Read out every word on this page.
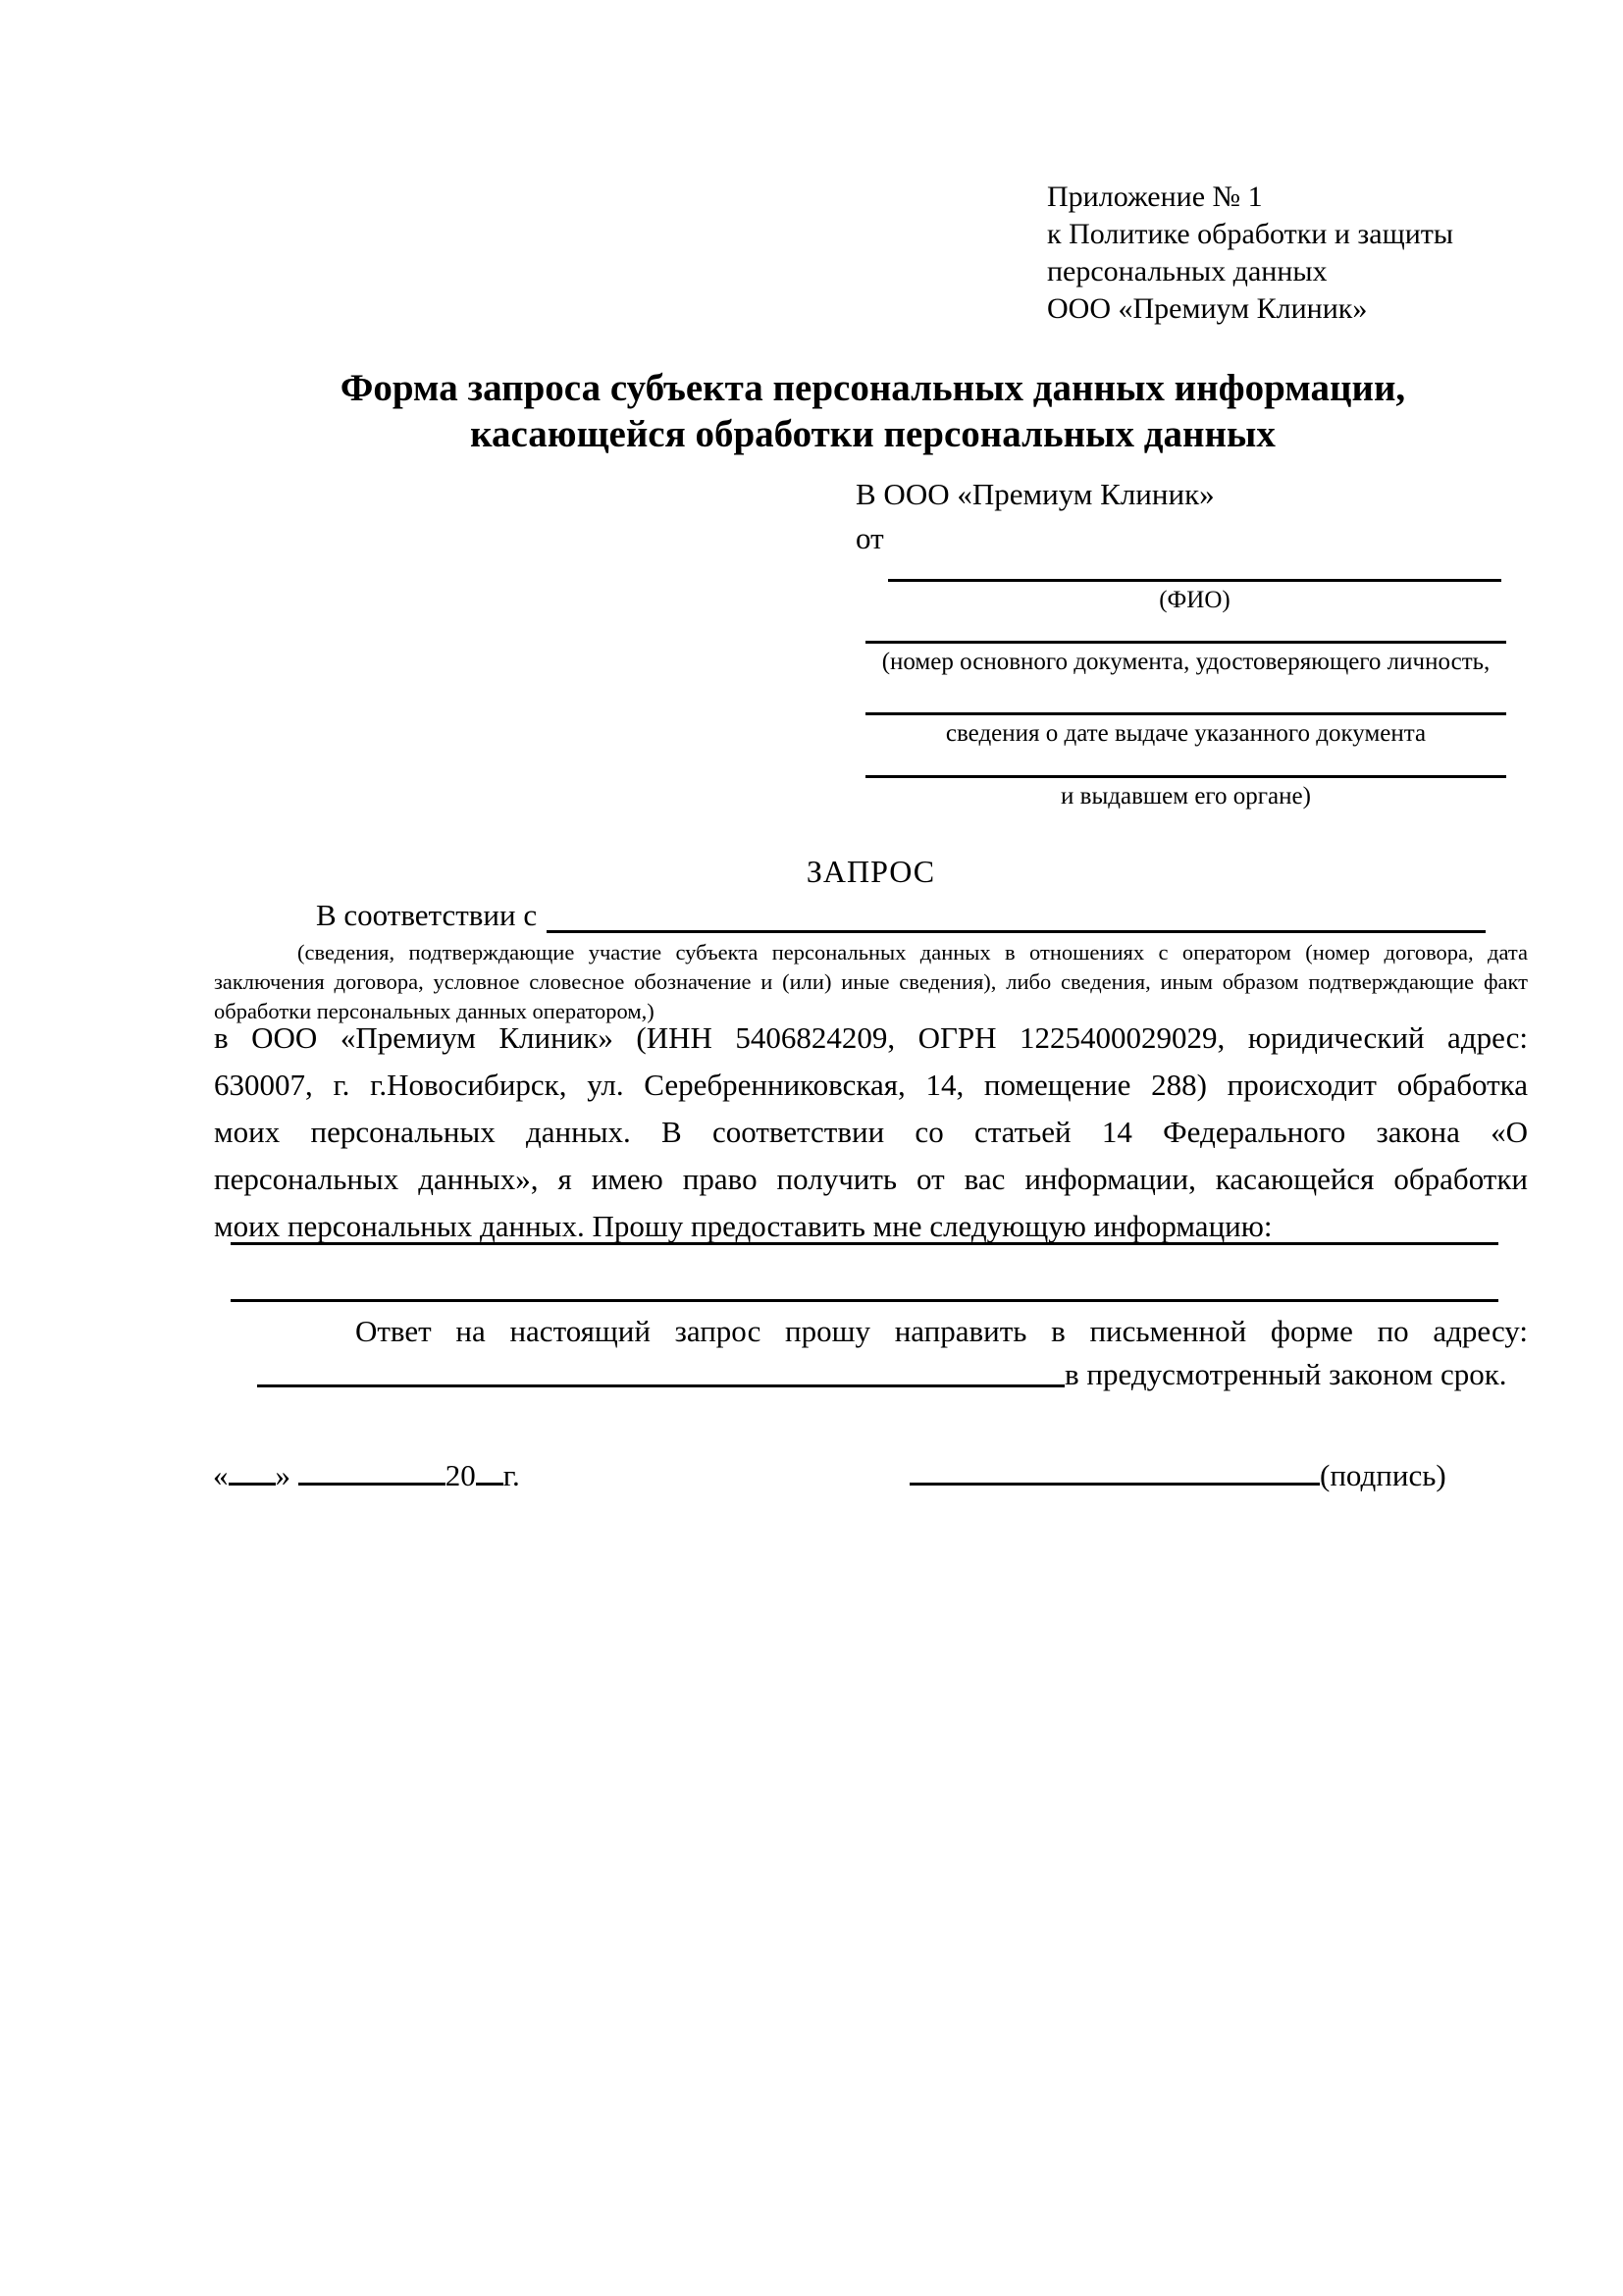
Приложение № 1
к Политике обработки и защиты
персональных данных
ООО «Премиум Клиник»
Форма запроса субъекта персональных данных информации,
касающейся обработки персональных данных
В ООО «Премиум Клиник»
от
(ФИО)
(номер основного документа, удостоверяющего личность,
сведения о дате выдаче указанного документа
и выдавшем его органе)
ЗАПРОС
В соответствии с
(сведения, подтверждающие участие субъекта персональных данных в отношениях с оператором (номер договора, дата
заключения договора, условное словесное обозначение и (или) иные сведения), либо сведения, иным образом подтверждающие факт
обработки персональных данных оператором,)
в ООО «Премиум Клиник» (ИНН 5406824209, ОГРН 1225400029029, юридический адрес:
630007, г. г.Новосибирск, ул. Серебренниковская, 14, помещение 288) происходит обработка
моих персональных данных. В соответствии со статьей 14 Федерального закона «О
персональных данных», я имею право получить от вас информации, касающейся обработки
моих персональных данных. Прошу предоставить мне следующую информацию:
Ответ на настоящий запрос прошу направить в письменной форме по адресу:
в предусмотренный законом срок.
« »	20 г.	(подпись)
